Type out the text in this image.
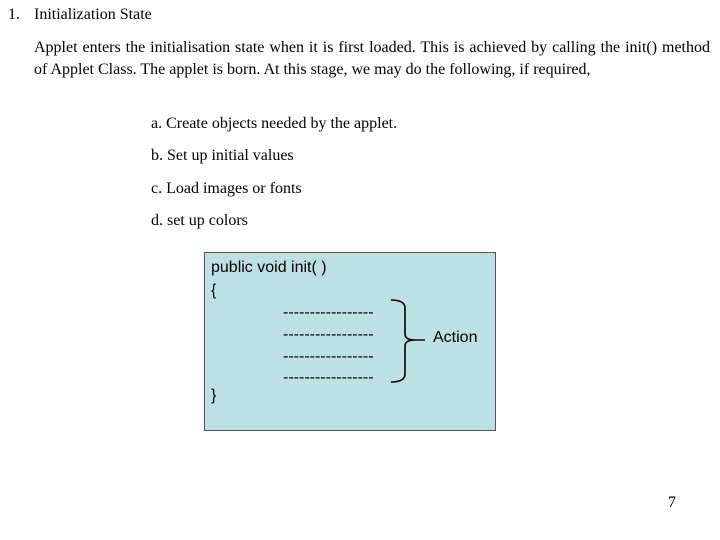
1. Initialization State
Applet enters the initialisation state when it is first loaded. This is achieved by calling the init() method of Applet Class. The applet is born. At this stage, we may do the following, if required,
a. Create objects needed by the applet.
b. Set up initial values
c. Load images or fonts
d. set up colors
public void init( )
{
-----------------
-----------------
-----------------
-----------------
Action
}
7
